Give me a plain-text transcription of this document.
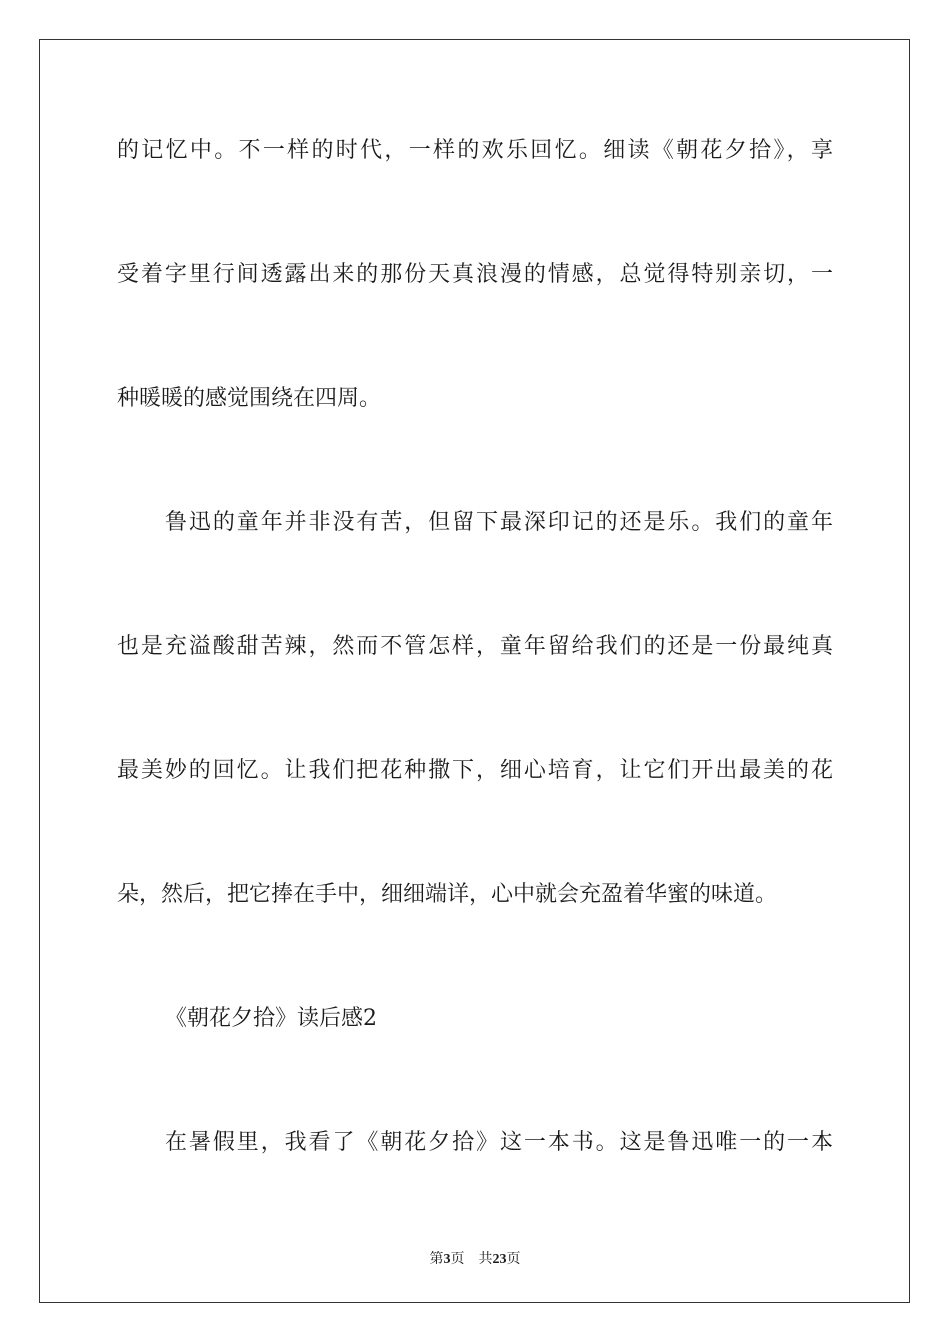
的记忆中。不一样的时代，一样的欢乐回忆。细读《朝花夕拾》，享
受着字里行间透露出来的那份天真浪漫的情感，总觉得特别亲切，一
种暖暖的感觉围绕在四周。
鲁迅的童年并非没有苦，但留下最深印记的还是乐。我们的童年
也是充溢酸甜苦辣，然而不管怎样，童年留给我们的还是一份最纯真
最美妙的回忆。让我们把花种撒下，细心培育，让它们开出最美的花
朵，然后，把它捧在手中，细细端详，心中就会充盈着华蜜的味道。
《朝花夕拾》读后感2
在暑假里，我看了《朝花夕拾》这一本书。这是鲁迅唯一的一本
第3页 共23页
